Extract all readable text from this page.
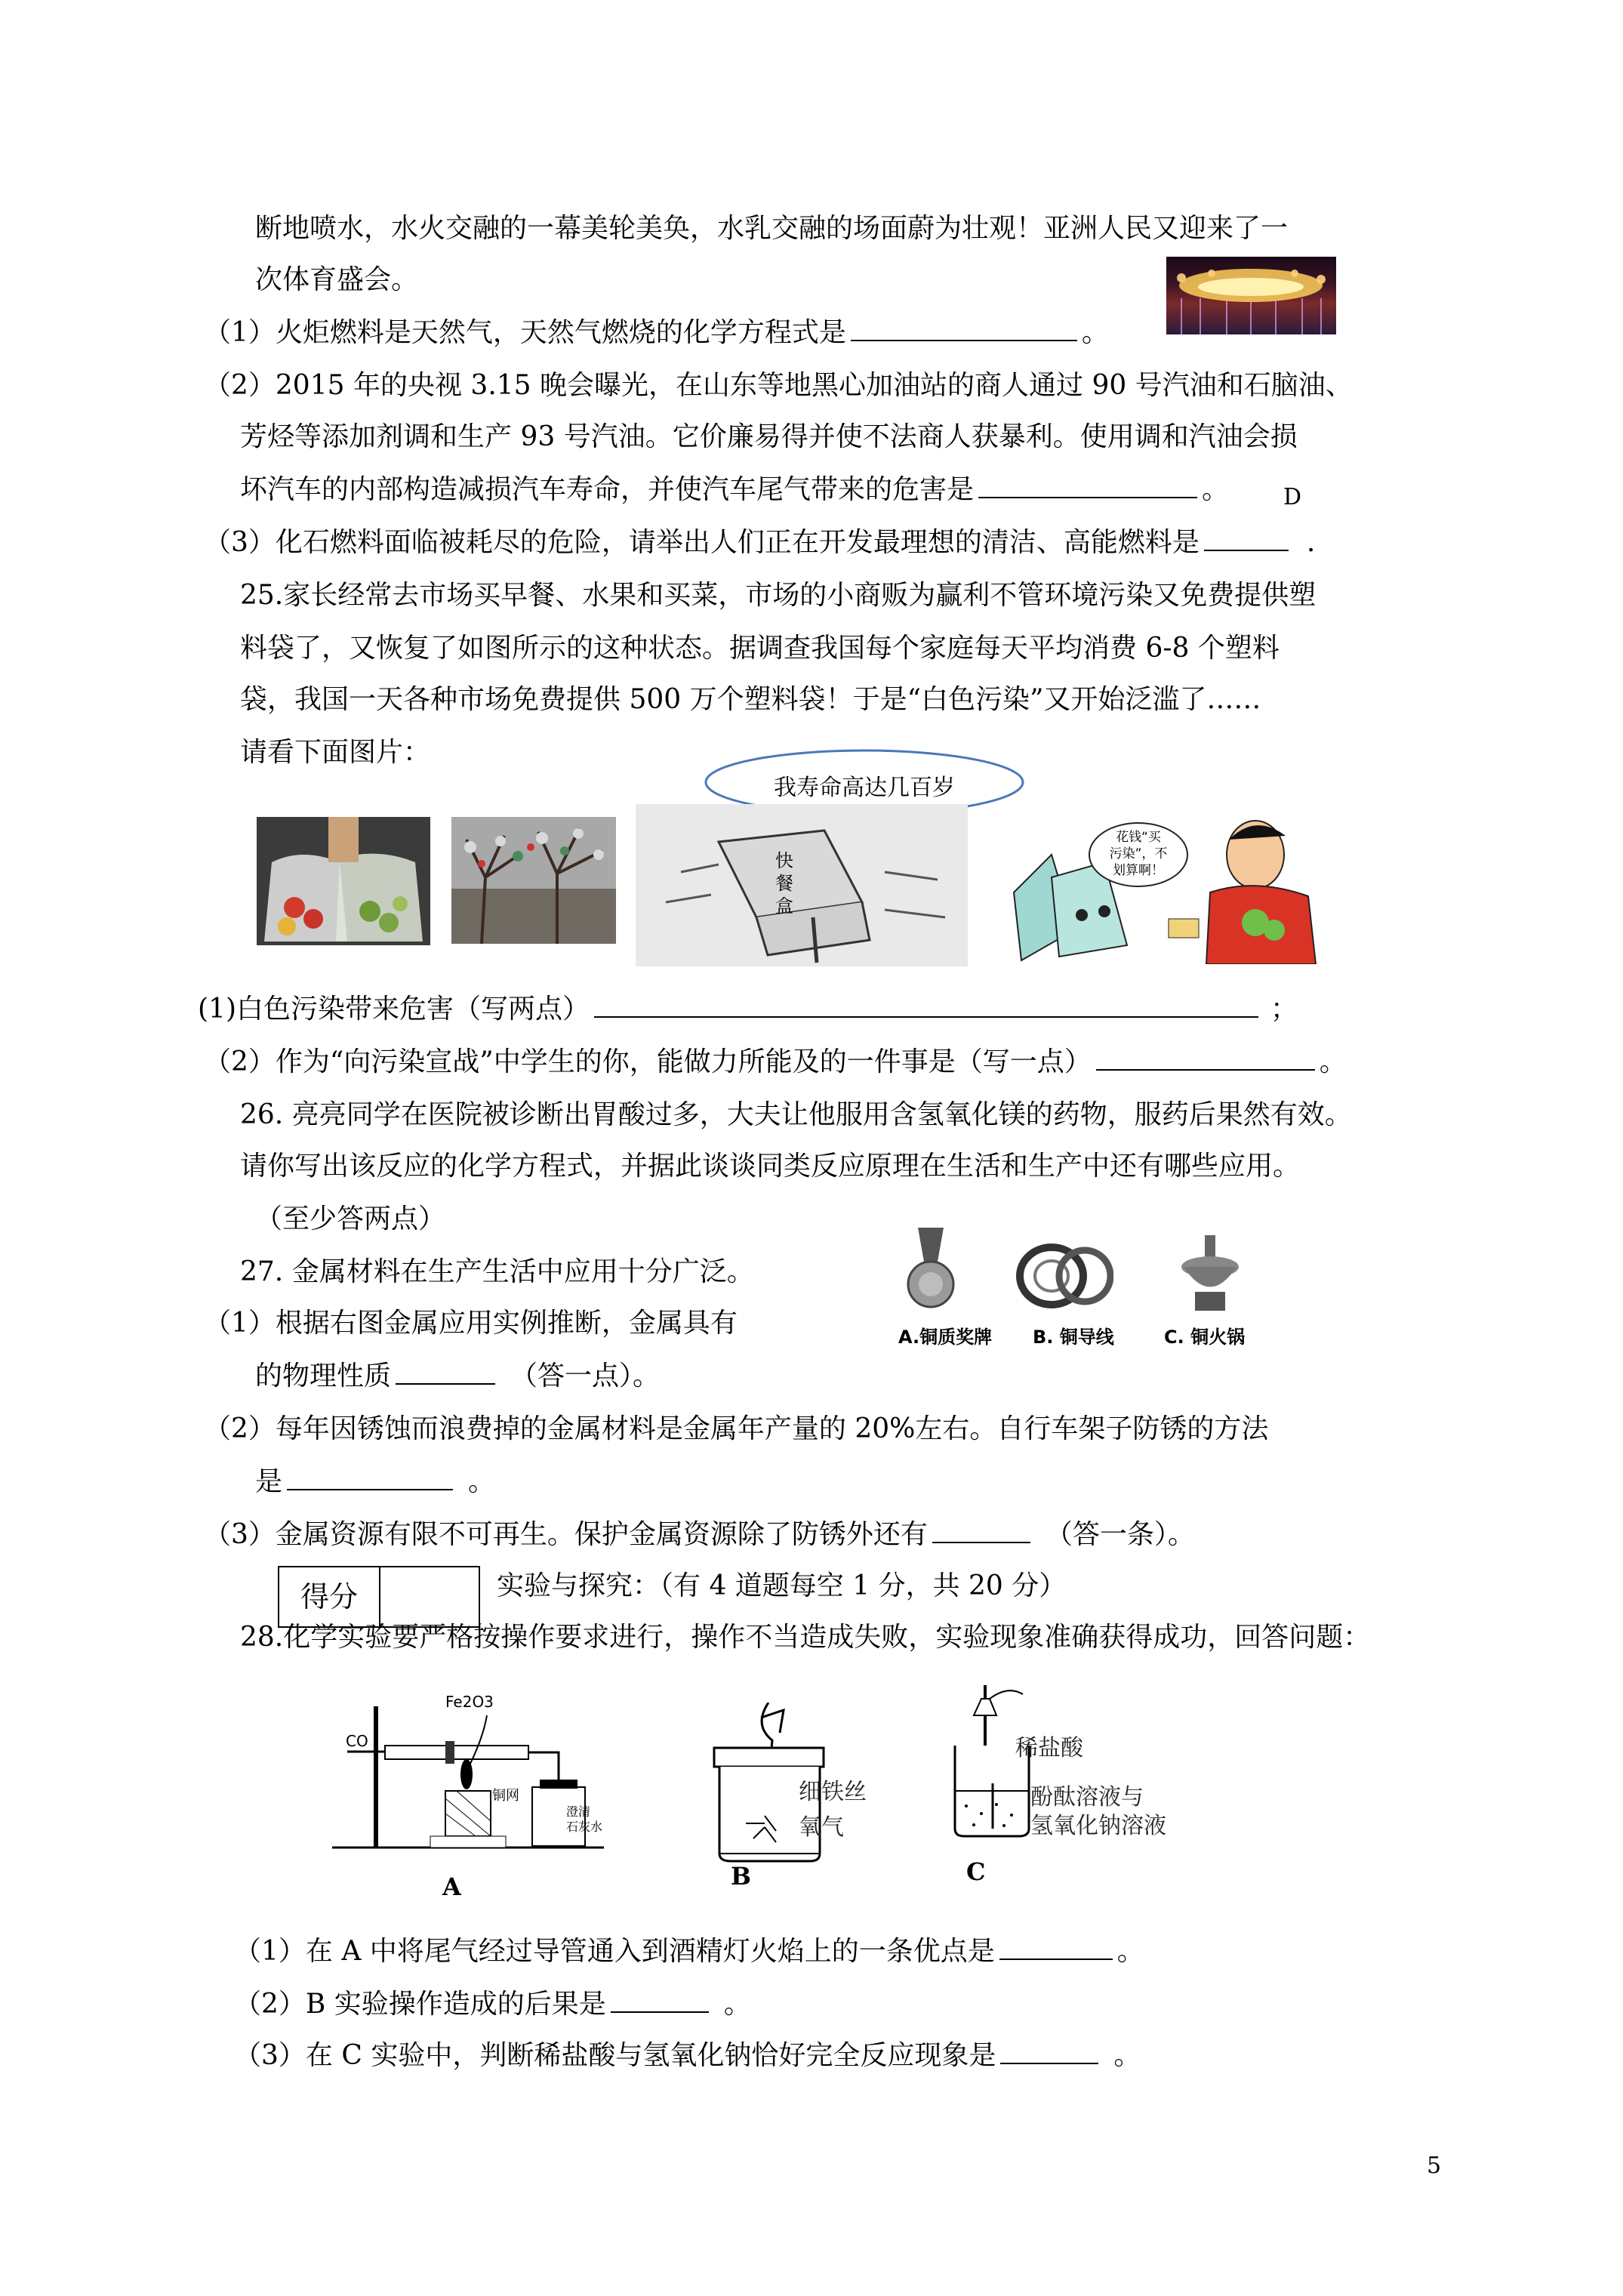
断地喷水，水火交融的一幕美轮美奂，水乳交融的场面蔚为壮观！亚洲人民又迎来了一
次体育盛会。
（1）火炬燃料是天然气，天然气燃烧的化学方程式是	。
（2）2015 年的央视 3.15 晚会曝光，在山东等地黑心加油站的商人通过 90 号汽油和石脑油、
芳烃等添加剂调和生产 93 号汽油。它价廉易得并使不法商人获暴利。使用调和汽油会损
坏汽车的内部构造减损汽车寿命，并使汽车尾气带来的危害是	。 D
（3）化石燃料面临被耗尽的危险，请举出人们正在开发最理想的清洁、高能燃料是	.
25.家长经常去市场买早餐、水果和买菜，市场的小商贩为赢利不管环境污染又免费提供塑
料袋了，又恢复了如图所示的这种状态。据调查我国每个家庭每天平均消费 6-8 个塑料
袋，我国一天各种市场免费提供 500 万个塑料袋！于是“白色污染”又开始泛滥了……
请看下面图片：
我寿命高达几百岁
快餐盒
花钱“买
污染”，不
划算啊！
(1)白色污染带来危害（写两点）	；
（2）作为“向污染宣战”中学生的你，能做力所能及的一件事是（写一点）	。
26. 亮亮同学在医院被诊断出胃酸过多，大夫让他服用含氢氧化镁的药物，服药后果然有效。
请你写出该反应的化学方程式，并据此谈谈同类反应原理在生活和生产中还有哪些应用。
（至少答两点）
27. 金属材料在生产生活中应用十分广泛。
A.铜质奖牌 B. 铜导线	C. 铜火锅
（1）根据右图金属应用实例推断，金属具有
的物理性质	（答一点）。
（2）每年因锈蚀而浪费掉的金属材料是金属年产量的 20%左右。自行车架子防锈的方法
是	。
（3）金属资源有限不可再生。保护金属资源除了防锈外还有	（答一条）。
得分	实验与探究：（有 4 道题每空 1 分，共 20 分）
28.化学实验要严格按操作要求进行，操作不当造成失败，实验现象准确获得成功，回答问题：
CO
Fe2O3
铜网
澄清
石灰水
A
细铁丝
氧气
B
稀盐酸
酚酞溶液与
氢氧化钠溶液
C
（1）在 A 中将尾气经过导管通入到酒精灯火焰上的一条优点是	。
（2）B 实验操作造成的后果是	。
（3）在 C 实验中，判断稀盐酸与氢氧化钠恰好完全反应现象是	。
5
